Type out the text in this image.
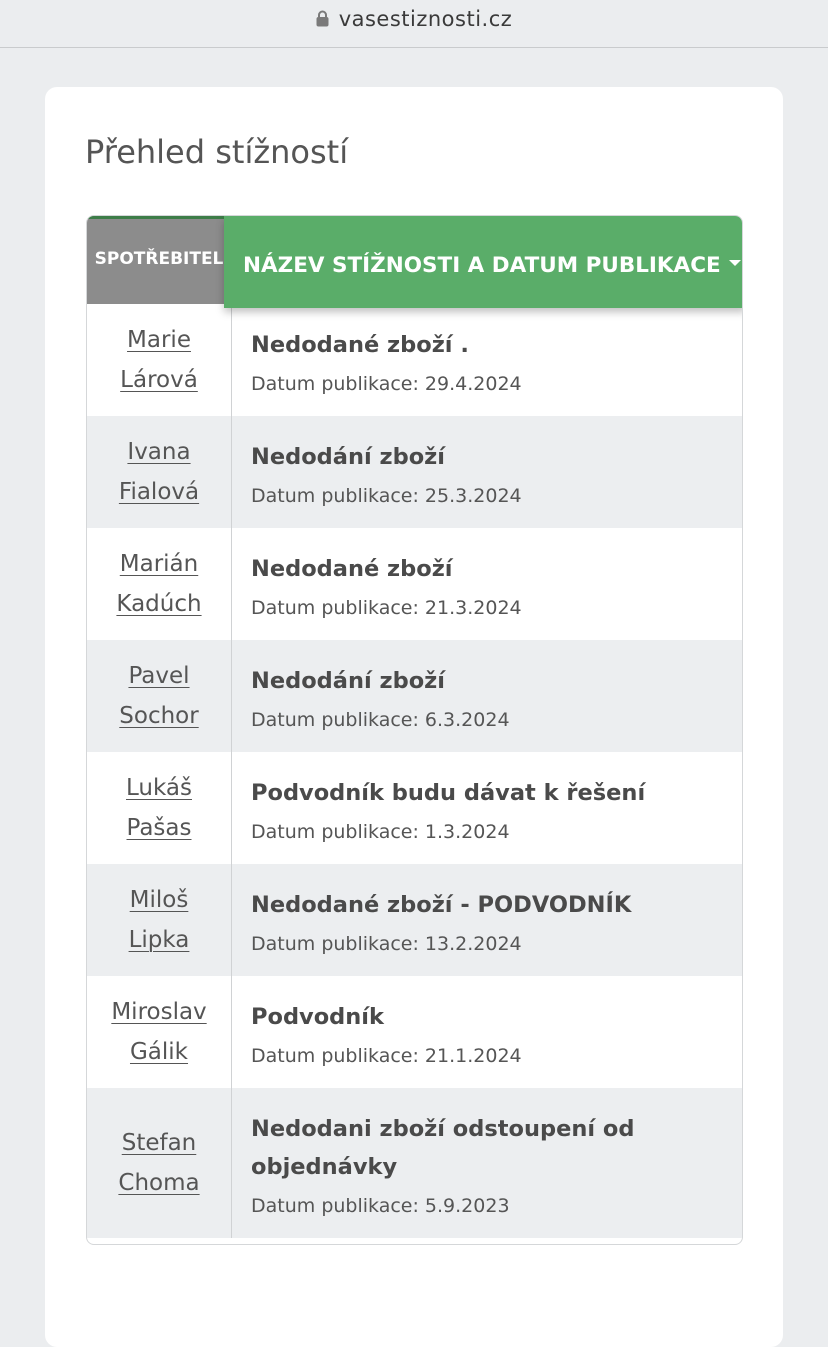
vasestiznosti.cz
Přehled stížností
SPOTŘEBITEL NÁZEV STÍŽNOSTI A DATUM PUBLIKACE
Marie
Lárová
Nedodané zboží .
Datum publikace: 29.4.2024
Ivana
Fialová
Nedodání zboží
Datum publikace: 25.3.2024
Marián
Kadúch
Nedodané zboží
Datum publikace: 21.3.2024
Pavel
Sochor
Nedodání zboží
Datum publikace: 6.3.2024
Lukáš
Pašas
Podvodník budu dávat k řešení
Datum publikace: 1.3.2024
Miloš
Lipka
Nedodané zboží - PODVODNÍK
Datum publikace: 13.2.2024
Miroslav
Gálik
Podvodník
Datum publikace: 21.1.2024
Stefan
Choma
Nedodani zboží odstoupení od objednávky
Datum publikace: 5.9.2023
